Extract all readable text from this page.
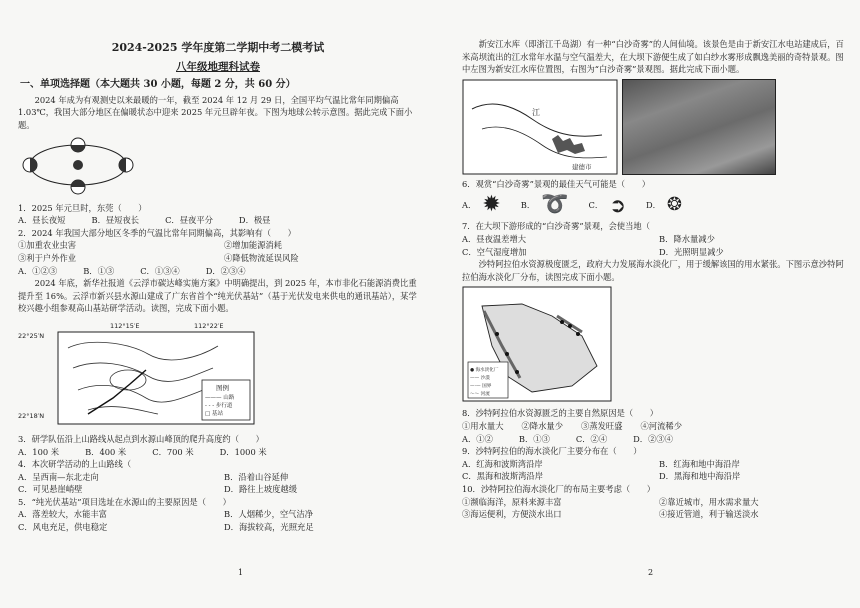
2024-2025 学年度第二学期中考二模考试
八年级地理科试卷
一、单项选择题（本大题共 30 小题，每题 2 分，共 60 分）

2024 年成为有观测史以来最暖的一年，截至 2024 年 12 月 29 日，全国平均气温比常年同期偏高 1.03℃，我国大部分地区在偏暖状态中迎来 2025 年元旦辟年夜。下图为地球公转示意图。据此完成下面小题。

1．2025 年元旦时，东莞（　　）

A．昼长夜短	B．昼短夜长	C．昼夜平分	D．极昼

2．2024 年我国大部分地区冬季的气温比常年同期偏高，其影响有（　　）

①加重农业虫害	②增加能源消耗
③利于户外作业	④降低物流延误风险
A．①②③	B．①③	C．①③④	D．②③④

2024 年底，新华社报道《云浮市碳达峰实施方案》中明确提出，到 2025 年，本市非化石能源消费比重提升至 16%。云浮市新兴县水源山建成了广东省首个“纯光伏基站”（基于光伏发电来供电的通讯基站），某学校兴趣小组参观高山基站研学活动。读图，完成下面小题。

112°15′E	112°22′E
22°25′N
22°18′N
图例
——— 山路
- - - 步行道
□ 基站

3．研学队伍沿上山路线从起点到水源山峰顶的爬升高度约（　　）

A．100 米	B．400 米	C．700 米	D．1000 米

4．本次研学活动的上山路线（

A．呈西南—东北走向	B．沿着山谷延伸
C．可见悬崖峭壁	D．路往上坡度越缓

5．“纯光伏基站”项目选址在水源山的主要原因是（　　）

A．落差较大，水能丰富	B．人烟稀少，空气洁净
C．风电充足，供电稳定	D．海拔较高，光照充足
1

新安江水库（即浙江千岛湖）有一种“白沙奇雾”的人间仙境。该景色是由于新安江水电站建成后，百米高坝流出的江水常年水温与空气温差大，在大坝下游便生成了如白纱水雾形成飘逸美丽的奇特景观。图中左图为新安江水库位置图，右图为“白沙奇雾”景观图。据此完成下面小题。

江
建德市

6．观赏“白沙奇雾”景观的最佳天气可能是（　　）

A． ✹ B． ➰ C． ➲ D． ❂

7．在大坝下游形成的“白沙奇雾”景观，会使当地（

A．昼夜温差增大	B．降水量减少
C．空气湿度增加	D．光照明显减少

沙特阿拉伯水资源极度匮乏，政府大力发展海水淡化厂，用于缓解该国的用水紧张。下图示意沙特阿拉伯海水淡化厂分布，读图完成下面小题。

● 海水淡化厂
—— 沙漠
—·— 国界
～～ 河流

8．沙特阿拉伯水资源匮乏的主要自然原因是（　　）

①用水量大 ②降水量少 ③蒸发旺盛 ④河流稀少
A．①②	B．①③	C．②④	D．②③④

9．沙特阿拉伯的海水淡化厂主要分布在（　　）

A．红海和波斯湾沿岸	B．红海和地中海沿岸
C．黑海和波斯湾沿岸	D．黑海和地中海沿岸

10．沙特阿拉伯海水淡化厂的布局主要考虑（　　）

①濒临海洋，原料来源丰富	②靠近城市，用水需求量大
③海运便利，方便淡水出口	④接近管道，利于输送淡水
2
